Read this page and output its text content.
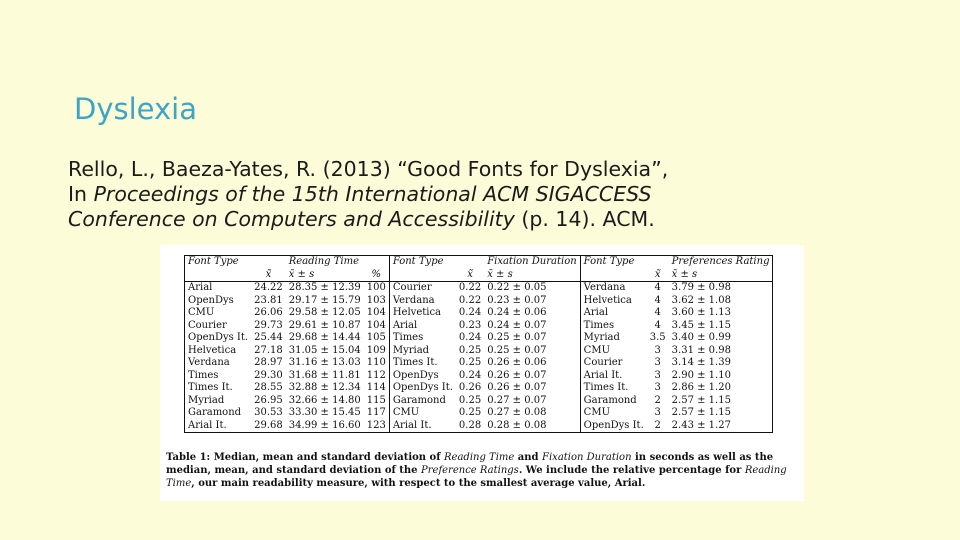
Dyslexia
Rello, L., Baeza-Yates, R. (2013) “Good Fonts for Dyslexia”,
In Proceedings of the 15th International ACM SIGACCESS
Conference on Computers and Accessibility (p. 14). ACM.
Font Type		Reading Time		Font Type		Fixation Duration	Font Type		Preferences Rating
	x̃	x̄ ± s	%		x̃	x̄ ± s		x̃	x̄ ± s
Arial	24.22	28.35 ± 12.39	100	Courier	0.22	0.22 ± 0.05	Verdana	4	3.79 ± 0.98
OpenDys	23.81	29.17 ± 15.79	103	Verdana	0.22	0.23 ± 0.07	Helvetica	4	3.62 ± 1.08
CMU	26.06	29.58 ± 12.05	104	Helvetica	0.24	0.24 ± 0.06	Arial	4	3.60 ± 1.13
Courier	29.73	29.61 ± 10.87	104	Arial	0.23	0.24 ± 0.07	Times	4	3.45 ± 1.15
OpenDys It.	25.44	29.68 ± 14.44	105	Times	0.24	0.25 ± 0.07	Myriad	3.5	3.40 ± 0.99
Helvetica	27.18	31.05 ± 15.04	109	Myriad	0.25	0.25 ± 0.07	CMU	3	3.31 ± 0.98
Verdana	28.97	31.16 ± 13.03	110	Times It.	0.25	0.26 ± 0.06	Courier	3	3.14 ± 1.39
Times	29.30	31.68 ± 11.81	112	OpenDys	0.24	0.26 ± 0.07	Arial It.	3	2.90 ± 1.10
Times It.	28.55	32.88 ± 12.34	114	OpenDys It.	0.26	0.26 ± 0.07	Times It.	3	2.86 ± 1.20
Myriad	26.95	32.66 ± 14.80	115	Garamond	0.25	0.27 ± 0.07	Garamond	2	2.57 ± 1.15
Garamond	30.53	33.30 ± 15.45	117	CMU	0.25	0.27 ± 0.08	CMU	3	2.57 ± 1.15
Arial It.	29.68	34.99 ± 16.60	123	Arial It.	0.28	0.28 ± 0.08	OpenDys It.	2	2.43 ± 1.27
Table 1: Median, mean and standard deviation of Reading Time and Fixation Duration in seconds as well as the median, mean, and standard deviation of the Preference Ratings. We include the relative percentage for Reading Time, our main readability measure, with respect to the smallest average value, Arial.
